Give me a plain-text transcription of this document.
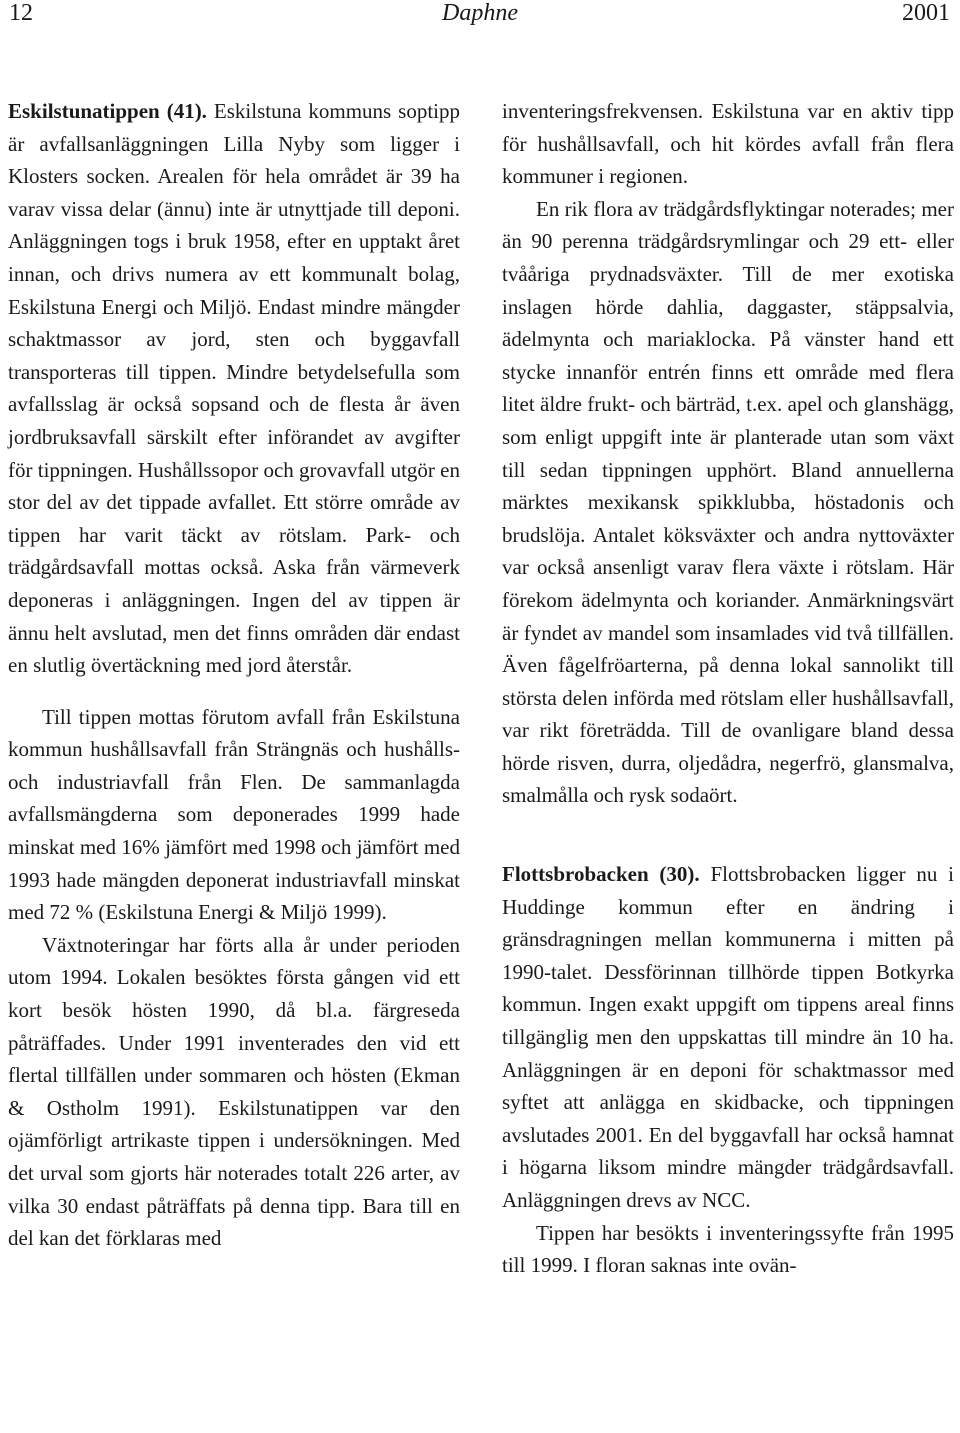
12	Daphne	2001

Eskilstunatippen (41). Eskilstuna kommuns soptipp är avfallsanläggningen Lilla Nyby som ligger i Klosters socken. Arealen för hela området är 39 ha varav vissa delar (ännu) inte är utnyttjade till deponi. Anläggningen togs i bruk 1958, efter en upptakt året innan, och drivs numera av ett kommunalt bolag, Eskilstuna Energi och Miljö. Endast mindre mängder schaktmassor av jord, sten och byggavfall transporteras till tippen. Mindre betydelsefulla som avfallsslag är också sopsand och de flesta år även jordbruksavfall särskilt efter införandet av avgifter för tippningen. Hushållssopor och grovavfall utgör en stor del av det tippade avfallet. Ett större område av tippen har varit täckt av rötslam. Park- och trädgårdsavfall mottas också. Aska från värmeverk deponeras i anläggningen. Ingen del av tippen är ännu helt avslutad, men det finns områden där endast en slutlig övertäckning med jord återstår.

Till tippen mottas förutom avfall från Eskilstuna kommun hushållsavfall från Strängnäs och hushålls- och industriavfall från Flen. De sammanlagda avfallsmängderna som deponerades 1999 hade minskat med 16% jämfört med 1998 och jämfört med 1993 hade mängden deponerat industriavfall minskat med 72 % (Eskilstuna Energi & Miljö 1999).

Växtnoteringar har förts alla år under perioden utom 1994. Lokalen besöktes första gången vid ett kort besök hösten 1990, då bl.a. färgreseda påträffades. Under 1991 inventerades den vid ett flertal tillfällen under sommaren och hösten (Ekman & Ostholm 1991). Eskilstunatippen var den ojämförligt artrikaste tippen i undersökningen. Med det urval som gjorts här noterades totalt 226 arter, av vilka 30 endast påträffats på denna tipp. Bara till en del kan det förklaras med

inventeringsfrekvensen. Eskilstuna var en aktiv tipp för hushållsavfall, och hit kördes avfall från flera kommuner i regionen.

En rik flora av trädgårdsflyktingar noterades; mer än 90 perenna trädgårdsrymlingar och 29 ett- eller tvååriga prydnadsväxter. Till de mer exotiska inslagen hörde dahlia, daggaster, stäppsalvia, ädelmynta och mariaklocka. På vänster hand ett stycke innanför entrén finns ett område med flera litet äldre frukt- och bärträd, t.ex. apel och glanshägg, som enligt uppgift inte är planterade utan som växt till sedan tippningen upphört. Bland annuellerna märktes mexikansk spikklubba, höstadonis och brudslöja. Antalet köksväxter och andra nyttoväxter var också ansenligt varav flera växte i rötslam. Här förekom ädelmynta och koriander. Anmärkningsvärt är fyndet av mandel som insamlades vid två tillfällen. Även fågelfröarterna, på denna lokal sannolikt till största delen införda med rötslam eller hushållsavfall, var rikt företrädda. Till de ovanligare bland dessa hörde risven, durra, oljedådra, negerfrö, glansmalva, smalmålla och rysk sodaört.

Flottsbrobacken (30). Flottsbrobacken ligger nu i Huddinge kommun efter en ändring i gränsdragningen mellan kommunerna i mitten på 1990-talet. Dessförinnan tillhörde tippen Botkyrka kommun. Ingen exakt uppgift om tippens areal finns tillgänglig men den uppskattas till mindre än 10 ha. Anläggningen är en deponi för schaktmassor med syftet att anlägga en skidbacke, och tippningen avslutades 2001. En del byggavfall har också hamnat i högarna liksom mindre mängder trädgårdsavfall. Anläggningen drevs av NCC.

Tippen har besökts i inventeringssyfte från 1995 till 1999. I floran saknas inte ovän-
